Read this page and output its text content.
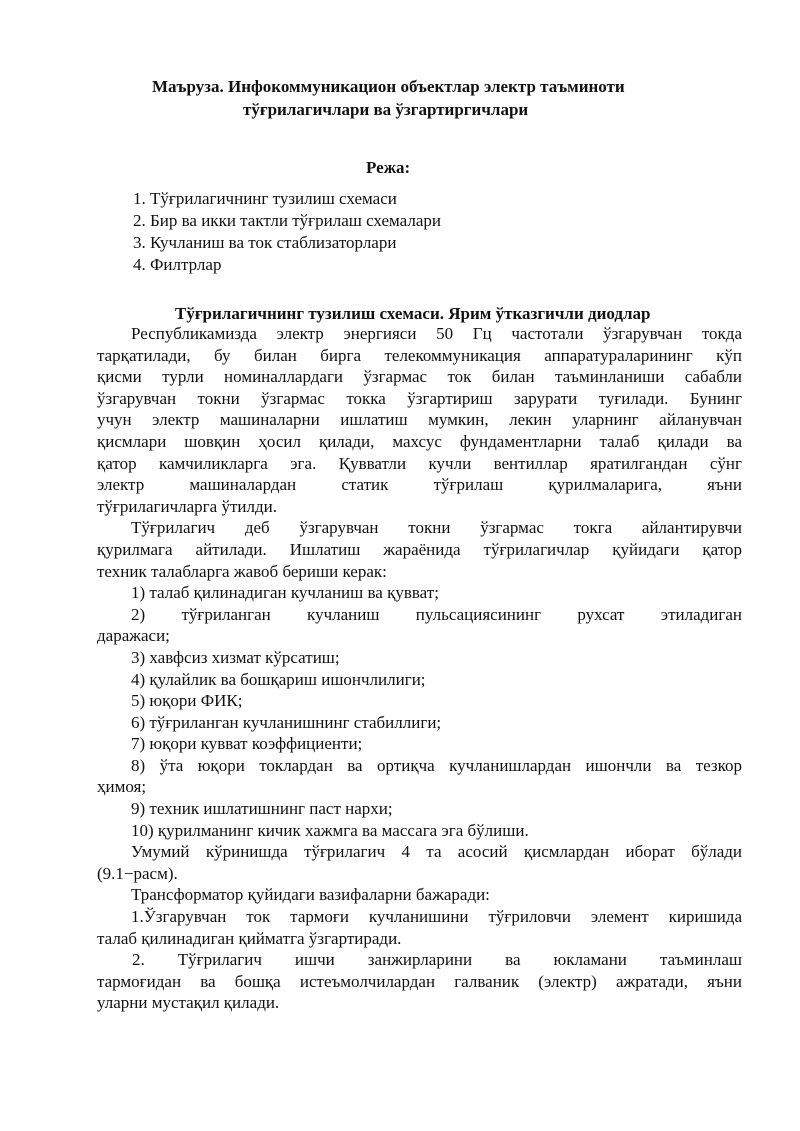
Маъруза. Инфокоммуникацион объектлар электр таъминоти
тўғрилагичлари ва ўзгартиргичлари
Режа:
1. Тўғрилагичнинг тузилиш схемаси
2. Бир ва икки тактли тўғрилаш схемалари
3. Кучланиш ва ток стаблизаторлари
4. Филтрлар
Тўғрилагичнинг тузилиш схемаси. Ярим ўтказгичли диодлар
Республикамизда электр энергияси 50 Гц частотали ўзгарувчан токда
тарқатилади, бу билан бирга телекоммуникация аппаратураларининг кўп
қисми турли номиналлардаги ўзгармас ток билан таъминланиши сабабли
ўзгарувчан токни ўзгармас токка ўзгартириш зарурати туғилади. Бунинг
учун электр машиналарни ишлатиш мумкин, лекин уларнинг айланувчан
қисмлари шовқин ҳосил қилади, махсус фундаментларни талаб қилади ва
қатор камчиликларга эга. Қувватли кучли вентиллар яратилгандан сўнг
электр машиналардан статик тўғрилаш қурилмаларига, яъни
тўғрилагичларга ўтилди.
Тўғрилагич деб ўзгарувчан токни ўзгармас токга айлантирувчи
қурилмага айтилади. Ишлатиш жараёнида тўғрилагичлар қуйидаги қатор
техник талабларга жавоб бериши керак:
1) талаб қилинадиган кучланиш ва қувват;
2) тўғриланган кучланиш пульсациясининг рухсат этиладиган
даражаси;
3) хавфсиз хизмат кўрсатиш;
4) қулайлик ва бошқариш ишончлилиги;
5) юқори ФИК;
6) тўғриланган кучланишнинг стабиллиги;
7) юқори кувват коэффициенти;
8) ўта юқори токлардан ва ортиқча кучланишлардан ишончли ва тезкор
ҳимоя;
9) техник ишлатишнинг паст нархи;
10) қурилманинг кичик хажмга ва массага эга бўлиши.
Умумий кўринишда тўғрилагич 4 та асосий қисмлардан иборат бўлади
(9.1−расм).
Трансформатор қуйидаги вазифаларни бажаради:
1.Ўзгарувчан ток тармоғи кучланишини тўғриловчи элемент киришида
талаб қилинадиган қийматга ўзгартиради.
2. Тўғрилагич ишчи занжирларини ва юкламани таъминлаш
тармоғидан ва бошқа истеъмолчилардан галваник (электр) ажратади, яъни
уларни мустақил қилади.
